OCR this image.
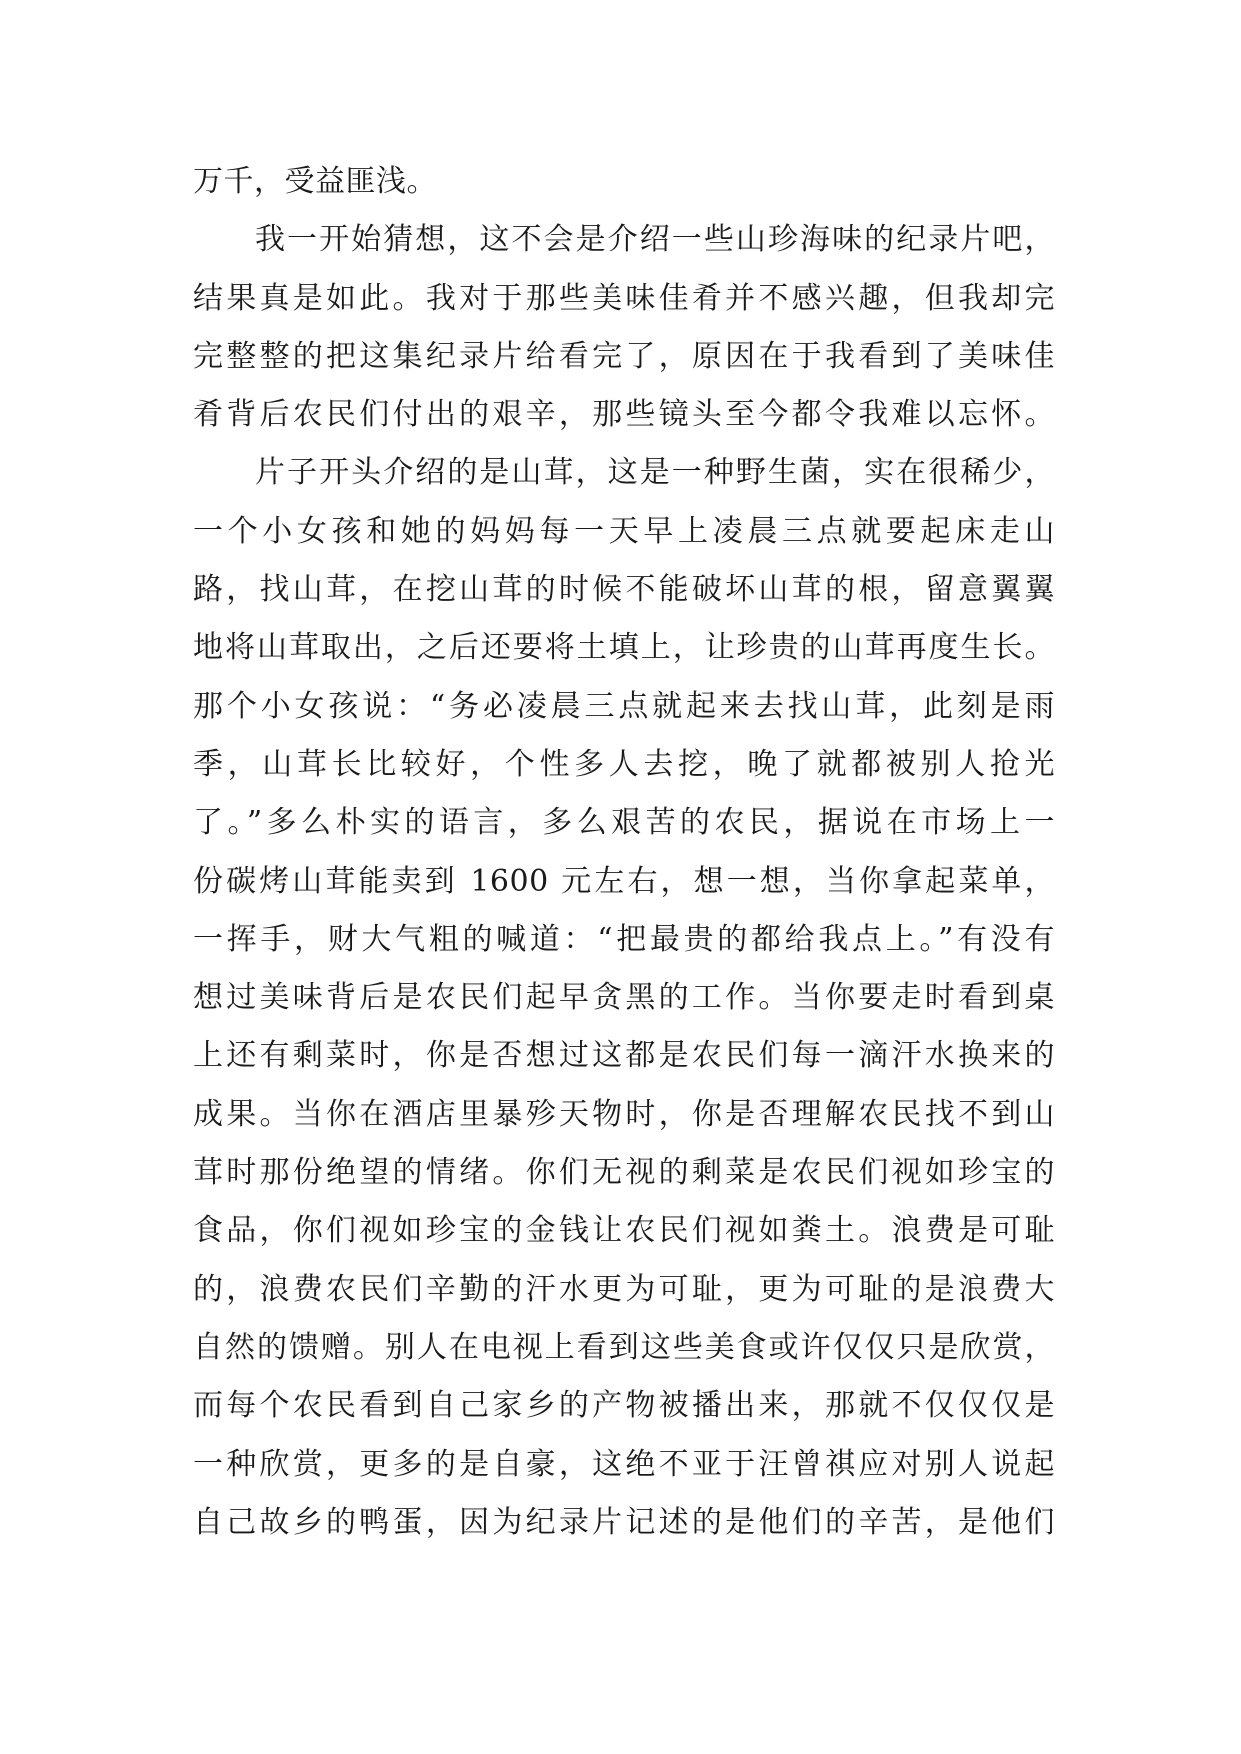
万千，受益匪浅。
我一开始猜想，这不会是介绍一些山珍海味的纪录片吧，
结果真是如此。我对于那些美味佳肴并不感兴趣，但我却完
完整整的把这集纪录片给看完了，原因在于我看到了美味佳
肴背后农民们付出的艰辛，那些镜头至今都令我难以忘怀。
片子开头介绍的是山茸，这是一种野生菌，实在很稀少，
一个小女孩和她的妈妈每一天早上凌晨三点就要起床走山
路，找山茸，在挖山茸的时候不能破坏山茸的根，留意翼翼
地将山茸取出，之后还要将土填上，让珍贵的山茸再度生长。
那个小女孩说：“务必凌晨三点就起来去找山茸，此刻是雨
季，山茸长比较好，个性多人去挖，晚了就都被别人抢光
了。”多么朴实的语言，多么艰苦的农民，据说在市场上一
份碳烤山茸能卖到 1600 元左右，想一想，当你拿起菜单，
一挥手，财大气粗的喊道：“把最贵的都给我点上。”有没有
想过美味背后是农民们起早贪黑的工作。当你要走时看到桌
上还有剩菜时，你是否想过这都是农民们每一滴汗水换来的
成果。当你在酒店里暴殄天物时，你是否理解农民找不到山
茸时那份绝望的情绪。你们无视的剩菜是农民们视如珍宝的
食品，你们视如珍宝的金钱让农民们视如粪土。浪费是可耻
的，浪费农民们辛勤的汗水更为可耻，更为可耻的是浪费大
自然的馈赠。别人在电视上看到这些美食或许仅仅只是欣赏，
而每个农民看到自己家乡的产物被播出来，那就不仅仅仅是
一种欣赏，更多的是自豪，这绝不亚于汪曾祺应对别人说起
自己故乡的鸭蛋，因为纪录片记述的是他们的辛苦，是他们
